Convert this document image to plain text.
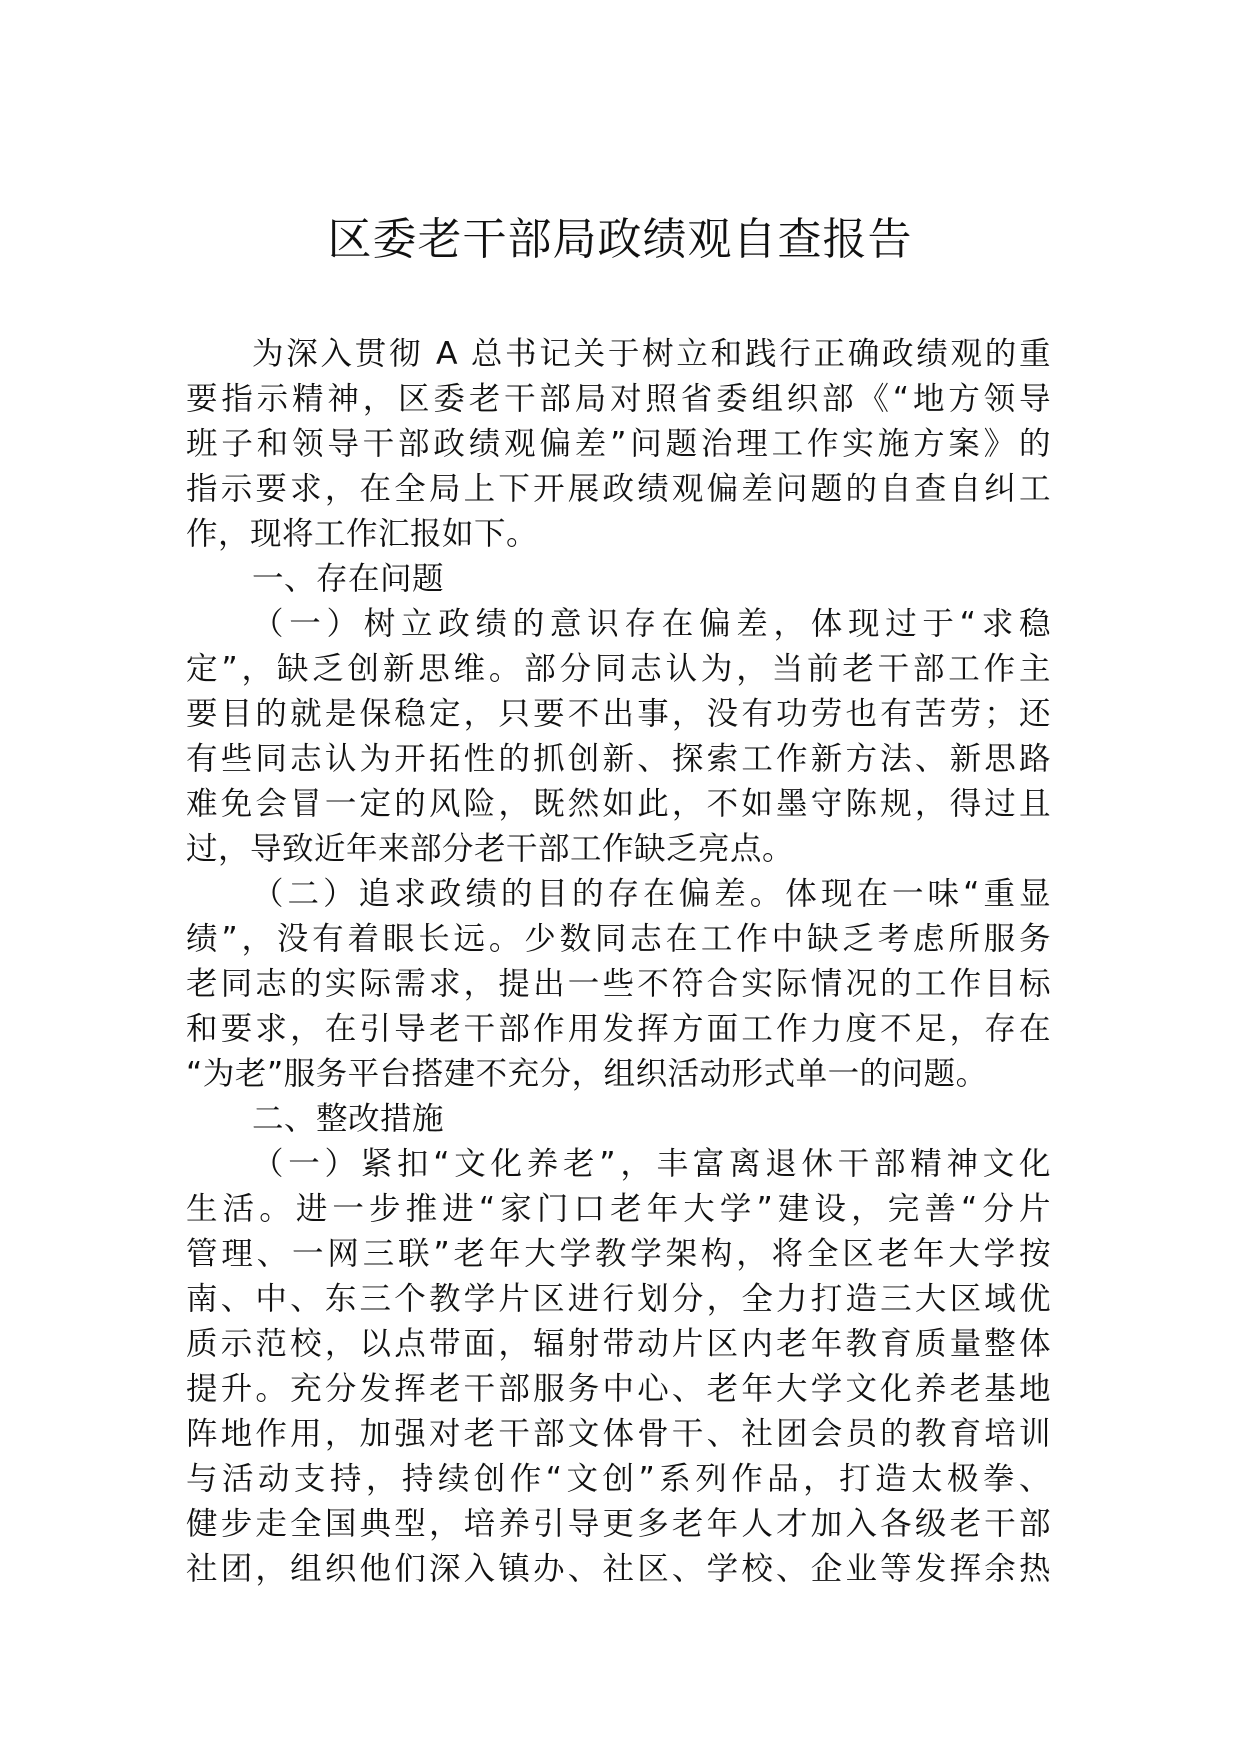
区委老干部局政绩观自查报告
为深入贯彻 A 总书记关于树立和践行正确政绩观的重
要指示精神，区委老干部局对照省委组织部《“地方领导
班子和领导干部政绩观偏差”问题治理工作实施方案》的
指示要求，在全局上下开展政绩观偏差问题的自查自纠工
作，现将工作汇报如下。
一、存在问题
（一）树立政绩的意识存在偏差，体现过于“求稳
定”，缺乏创新思维。部分同志认为，当前老干部工作主
要目的就是保稳定，只要不出事，没有功劳也有苦劳；还
有些同志认为开拓性的抓创新、探索工作新方法、新思路
难免会冒一定的风险，既然如此，不如墨守陈规，得过且
过，导致近年来部分老干部工作缺乏亮点。
（二）追求政绩的目的存在偏差。体现在一味“重显
绩”，没有着眼长远。少数同志在工作中缺乏考虑所服务
老同志的实际需求，提出一些不符合实际情况的工作目标
和要求，在引导老干部作用发挥方面工作力度不足，存在
“为老”服务平台搭建不充分，组织活动形式单一的问题。
二、整改措施
（一）紧扣“文化养老”，丰富离退休干部精神文化
生活。进一步推进“家门口老年大学”建设，完善“分片
管理、一网三联”老年大学教学架构，将全区老年大学按
南、中、东三个教学片区进行划分，全力打造三大区域优
质示范校，以点带面，辐射带动片区内老年教育质量整体
提升。充分发挥老干部服务中心、老年大学文化养老基地
阵地作用，加强对老干部文体骨干、社团会员的教育培训
与活动支持，持续创作“文创”系列作品，打造太极拳、
健步走全国典型，培养引导更多老年人才加入各级老干部
社团，组织他们深入镇办、社区、学校、企业等发挥余热
